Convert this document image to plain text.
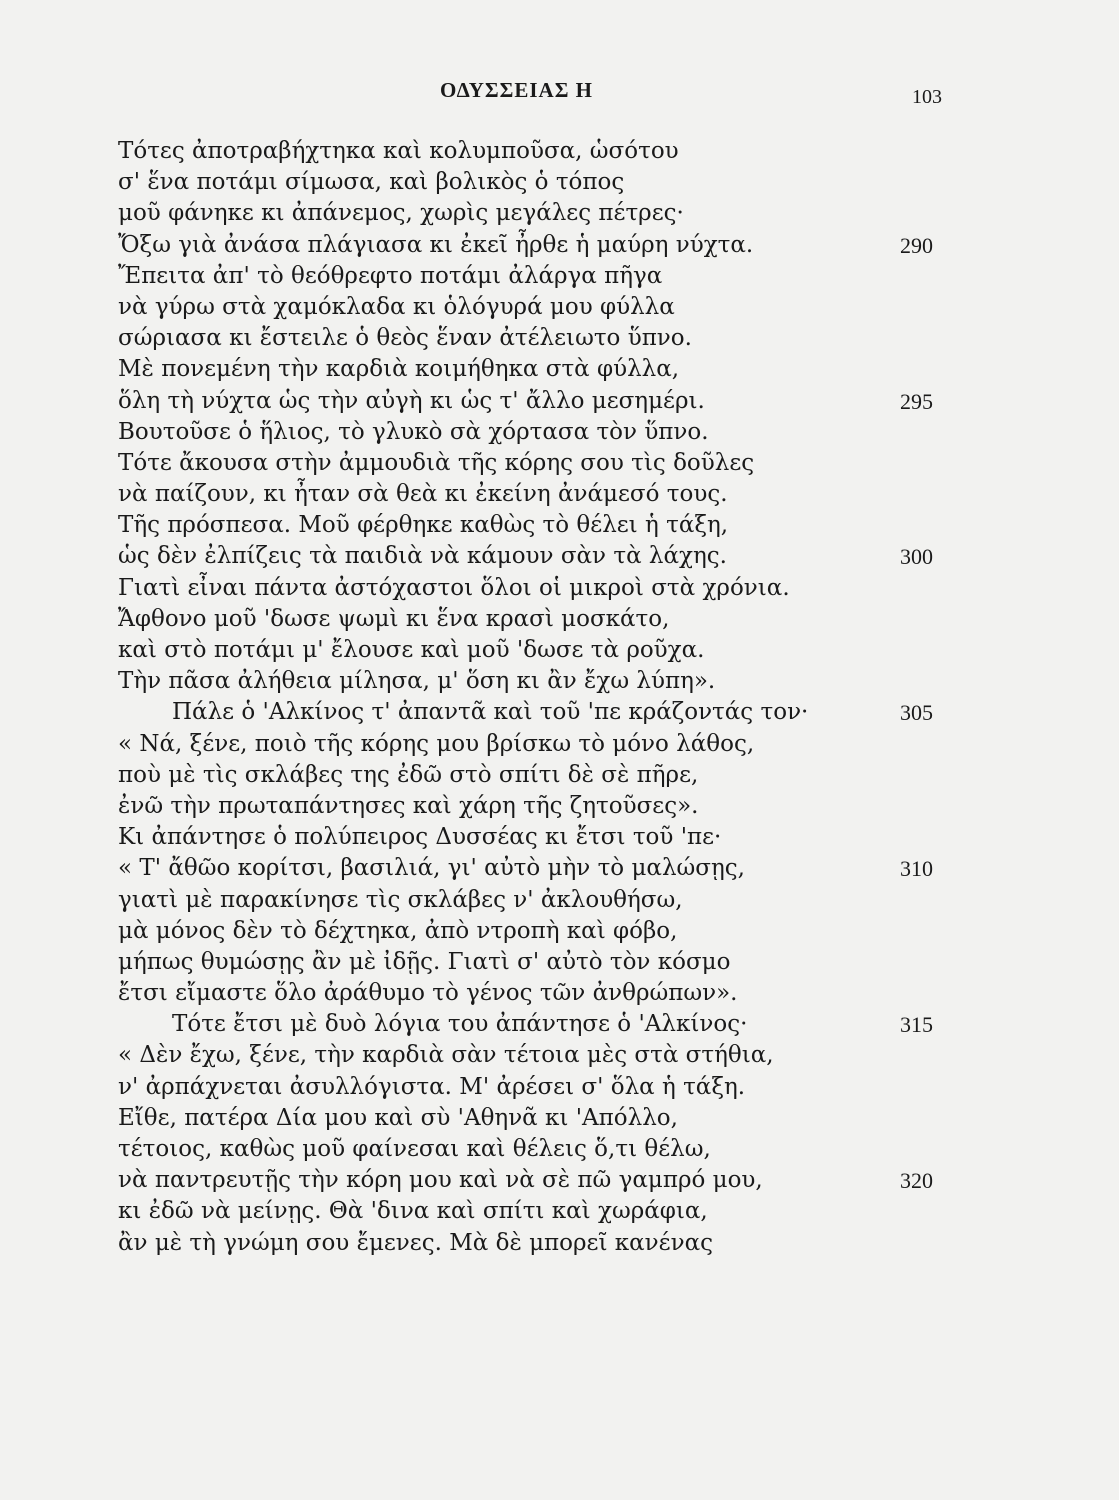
ΟΔΥΣΣΕΙΑΣ Η	103
Τότες ἀποτραβήχτηκα καὶ κολυμποῦσα, ὡσότου
σ' ἕνα ποτάμι σίμωσα, καὶ βολικὸς ὁ τόπος
μοῦ φάνηκε κι ἀπάνεμος, χωρὶς μεγάλες πέτρες·
Ὄξω γιὰ ἀνάσα πλάγιασα κι ἐκεῖ ἦρθε ἡ μαύρη νύχτα.	290
Ἔπειτα ἀπ' τὸ θεόθρεφτο ποτάμι ἀλάργα πῆγα
νὰ γύρω στὰ χαμόκλαδα κι ὁλόγυρά μου φύλλα
σώριασα κι ἔστειλε ὁ θεὸς ἕναν ἀτέλειωτο ὕπνο.
Μὲ πονεμένη τὴν καρδιὰ κοιμήθηκα στὰ φύλλα,
ὅλη τὴ νύχτα ὡς τὴν αὐγὴ κι ὡς τ' ἄλλο μεσημέρι.	295
Βουτοῦσε ὁ ἥλιος, τὸ γλυκὸ σὰ χόρτασα τὸν ὕπνο.
Τότε ἄκουσα στὴν ἀμμουδιὰ τῆς κόρης σου τὶς δοῦλες
νὰ παίζουν, κι ἦταν σὰ θεὰ κι ἐκείνη ἀνάμεσό τους.
Τῆς πρόσπεσα. Μοῦ φέρθηκε καθὼς τὸ θέλει ἡ τάξη,
ὡς δὲν ἐλπίζεις τὰ παιδιὰ νὰ κάμουν σὰν τὰ λάχης.	300
Γιατὶ εἶναι πάντα ἀστόχαστοι ὅλοι οἱ μικροὶ στὰ χρόνια.
Ἄφθονο μοῦ 'δωσε ψωμὶ κι ἕνα κρασὶ μοσκάτο,
καὶ στὸ ποτάμι μ' ἔλουσε καὶ μοῦ 'δωσε τὰ ροῦχα.
Τὴν πᾶσα ἀλήθεια μίλησα, μ' ὅση κι ἂν ἔχω λύπη».
Πάλε ὁ 'Αλκίνος τ' ἀπαντᾶ καὶ τοῦ 'πε κράζοντάς τον·	305
« Νά, ξένε, ποιὸ τῆς κόρης μου βρίσκω τὸ μόνο λάθος,
ποὺ μὲ τὶς σκλάβες της ἐδῶ στὸ σπίτι δὲ σὲ πῆρε,
ἐνῶ τὴν πρωταπάντησες καὶ χάρη τῆς ζητοῦσες».
Κι ἀπάντησε ὁ πολύπειρος Δυσσέας κι ἔτσι τοῦ 'πε·
« Τ' ἄθῶο κορίτσι, βασιλιά, γι' αὐτὸ μὴν τὸ μαλώσῃς,	310
γιατὶ μὲ παρακίνησε τὶς σκλάβες ν' ἀκλουθήσω,
μὰ μόνος δὲν τὸ δέχτηκα, ἀπὸ ντροπὴ καὶ φόβο,
μήπως θυμώσῃς ἂν μὲ ἰδῇς. Γιατὶ σ' αὐτὸ τὸν κόσμο
ἔτσι εἴμαστε ὅλο ἀράθυμο τὸ γένος τῶν ἀνθρώπων».
Τότε ἔτσι μὲ δυὸ λόγια του ἀπάντησε ὁ 'Αλκίνος·	315
« Δὲν ἔχω, ξένε, τὴν καρδιὰ σὰν τέτοια μὲς στὰ στήθια,
ν' ἀρπάχνεται ἀσυλλόγιστα. Μ' ἀρέσει σ' ὅλα ἡ τάξη.
Εἴθε, πατέρα Δία μου καὶ σὺ 'Αθηνᾶ κι 'Απόλλο,
τέτοιος, καθὼς μοῦ φαίνεσαι καὶ θέλεις ὅ,τι θέλω,
νὰ παντρευτῇς τὴν κόρη μου καὶ νὰ σὲ πῶ γαμπρό μου,	320
κι ἐδῶ νὰ μείνῃς. Θὰ 'δινα καὶ σπίτι καὶ χωράφια,
ἂν μὲ τὴ γνώμη σου ἔμενες. Μὰ δὲ μπορεῖ κανένας
